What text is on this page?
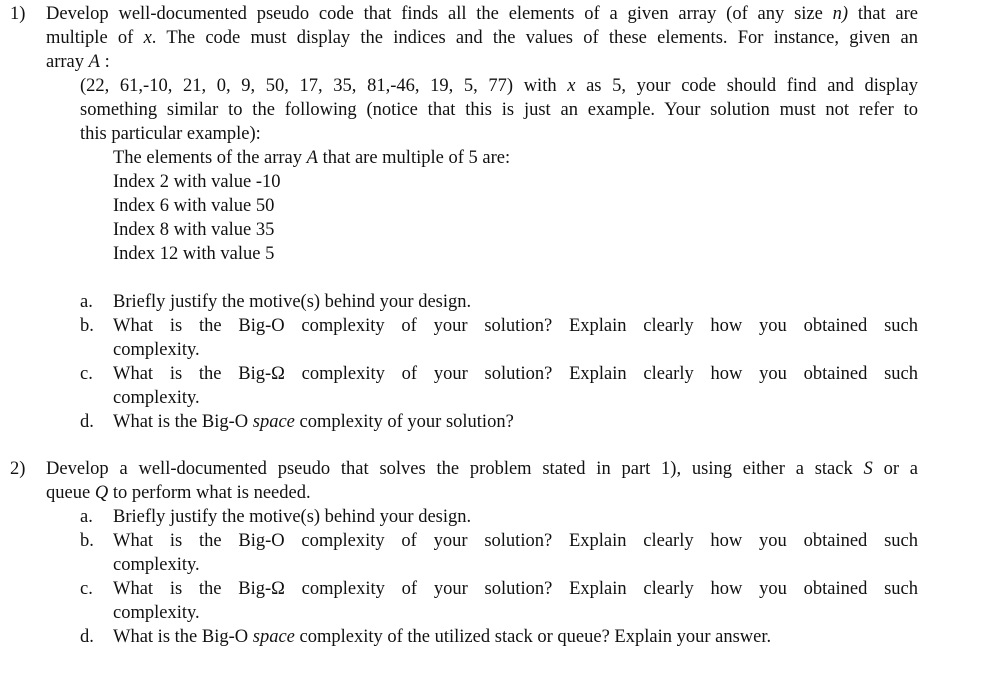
1) Develop well-documented pseudo code that finds all the elements of a given array (of any size n) that are
multiple of x. The code must display the indices and the values of these elements. For instance, given an
array A :
(22, 61,-10, 21, 0, 9, 50, 17, 35, 81,-46, 19, 5, 77) with x as 5, your code should find and display
something similar to the following (notice that this is just an example. Your solution must not refer to
this particular example):
The elements of the array A that are multiple of 5 are:
Index 2 with value -10
Index 6 with value 50
Index 8 with value 35
Index 12 with value 5
a. Briefly justify the motive(s) behind your design.
b. What is the Big-O complexity of your solution? Explain clearly how you obtained such
complexity.
c. What is the Big-Ω complexity of your solution? Explain clearly how you obtained such
complexity.
d. What is the Big-O space complexity of your solution?
2) Develop a well-documented pseudo that solves the problem stated in part 1), using either a stack S or a
queue Q to perform what is needed.
a. Briefly justify the motive(s) behind your design.
b. What is the Big-O complexity of your solution? Explain clearly how you obtained such
complexity.
c. What is the Big-Ω complexity of your solution? Explain clearly how you obtained such
complexity.
d. What is the Big-O space complexity of the utilized stack or queue? Explain your answer.
